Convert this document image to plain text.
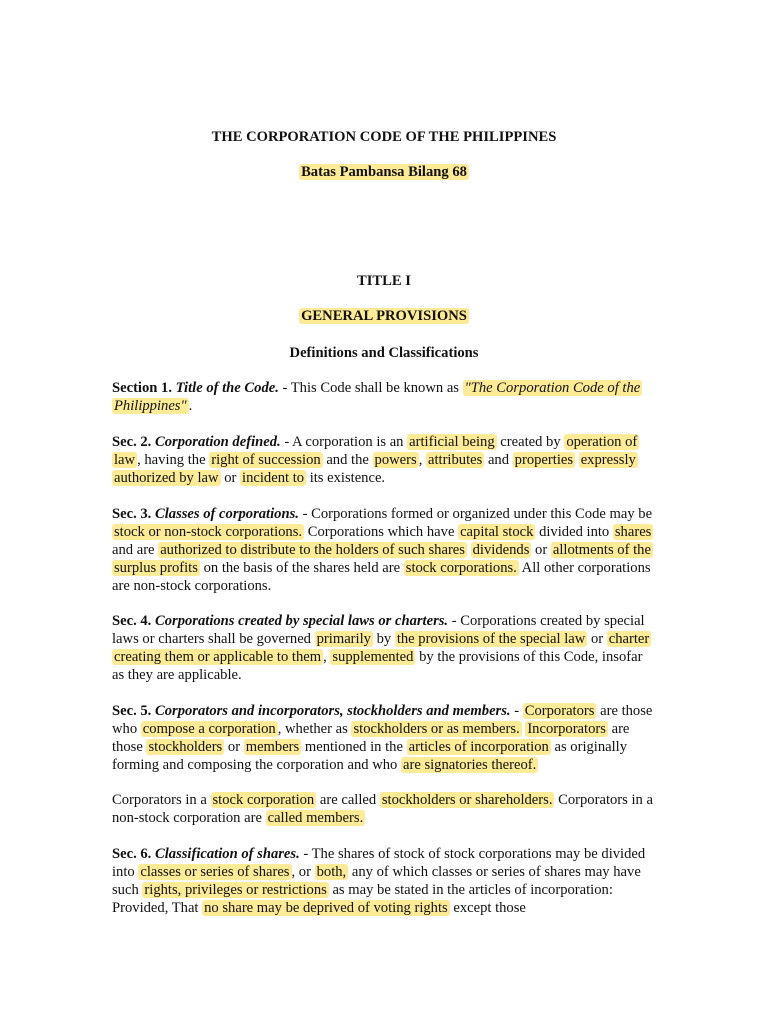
THE CORPORATION CODE OF THE PHILIPPINES
Batas Pambansa Bilang 68
TITLE I
GENERAL PROVISIONS
Definitions and Classifications

Section 1. Title of the Code. - This Code shall be known as "The Corporation Code of the Philippines" .

Sec. 2. Corporation defined. - A corporation is an artificial being created by operation of law , having the right of succession and the powers , attributes and properties expressly authorized by law or incident to its existence.

Sec. 3. Classes of corporations. - Corporations formed or organized under this Code may be stock or non-stock corporations. Corporations which have capital stock divided into shares and are authorized to distribute to the holders of such shares dividends or allotments of the surplus profits on the basis of the shares held are stock corporations. All other corporations are non-stock corporations.

Sec. 4. Corporations created by special laws or charters. - Corporations created by special laws or charters shall be governed primarily by the provisions of the special law or charter creating them or applicable to them , supplemented by the provisions of this Code, insofar as they are applicable.

Sec. 5. Corporators and incorporators, stockholders and members. - Corporators are those who compose a corporation , whether as stockholders or as members. Incorporators are those stockholders or members mentioned in the articles of incorporation as originally forming and composing the corporation and who are signatories thereof.

Corporators in a stock corporation are called stockholders or shareholders. Corporators in a non-stock corporation are called members.

Sec. 6. Classification of shares. - The shares of stock of stock corporations may be divided into classes or series of shares , or both, any of which classes or series of shares may have such rights, privileges or restrictions as may be stated in the articles of incorporation: Provided, That no share may be deprived of voting rights except those
